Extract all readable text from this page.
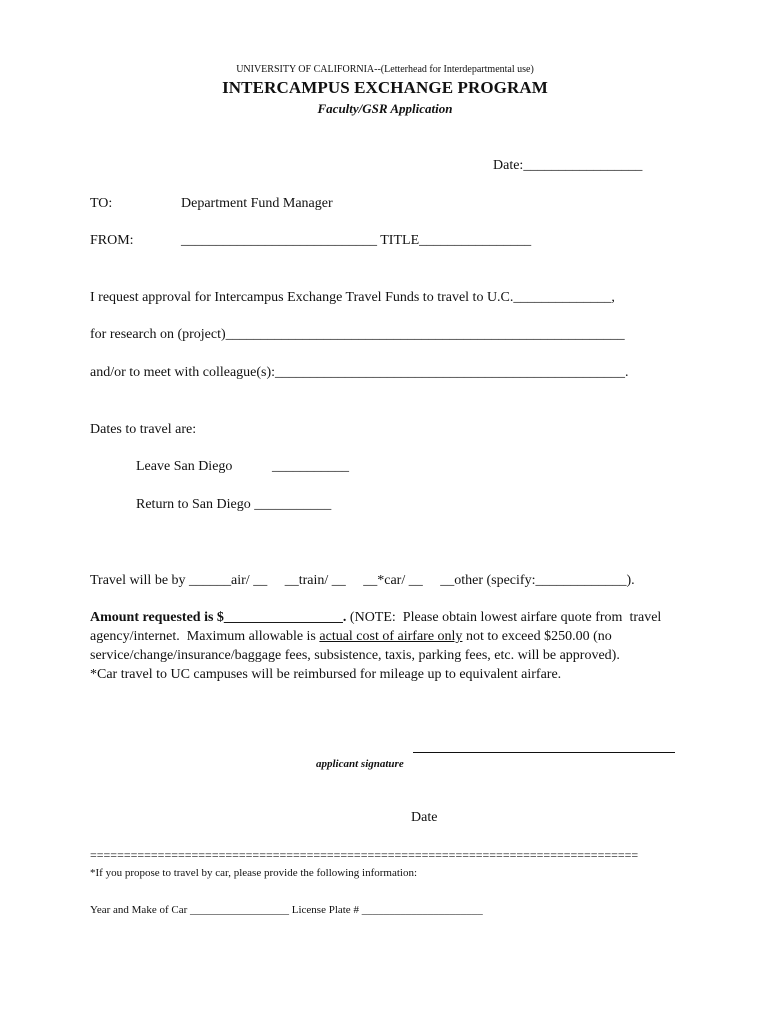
UNIVERSITY OF CALIFORNIA--(Letterhead for Interdepartmental use)
INTERCAMPUS EXCHANGE PROGRAM
Faculty/GSR Application
Date:_________________
TO:	Department Fund Manager
FROM:	____________________________ TITLE________________
I request approval for Intercampus Exchange Travel Funds to travel to U.C.______________,
for research on (project)_________________________________________________________
and/or to meet with colleague(s):__________________________________________________.
Dates to travel are:
Leave San Diego	___________
Return to San Diego ___________
Travel will be by ______air/ __     __train/ __     __*car/ __     __other (specify:_____________).
Amount requested is $_________________. (NOTE:  Please obtain lowest airfare quote from  travel
agency/internet.  Maximum allowable is actual cost of airfare only not to exceed $250.00 (no
service/change/insurance/baggage fees, subsistence, taxis, parking fees, etc. will be approved).
*Car travel to UC campuses will be reimbursed for mileage up to equivalent airfare.
applicant signature
Date
=================================================================================
*If you propose to travel by car, please provide the following information:
Year and Make of Car __________________ License Plate # ______________________
